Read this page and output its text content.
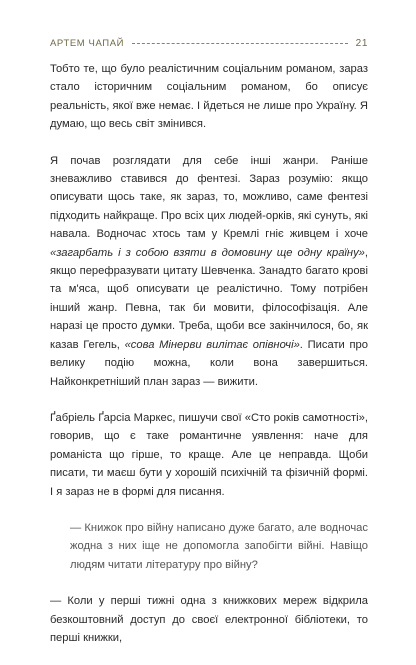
АРТЕМ ЧАПАЙ	21

Тобто те, що було реалістичним соціальним романом, зараз стало історичним соціальним романом, бо описує реальність, якої вже немає. І йдеться не лише про Україну. Я думаю, що весь світ змінився.

Я почав розглядати для себе інші жанри. Раніше зневажливо ставився до фентезі. Зараз розумію: якщо описувати щось таке, як зараз, то, можливо, саме фентезі підходить найкраще. Про всіх цих людей-орків, які сунуть, які навала. Водночас хтось там у Кремлі гніє живцем і хоче «загарбать і з собою взяти в домовину ще одну країну», якщо перефразувати цитату Шевченка. Занадто багато крові та м'яса, щоб описувати це реалістично. Тому потрібен інший жанр. Певна, так би мовити, філософізація. Але наразі це просто думки. Треба, щоби все закінчилося, бо, як казав Гегель, «сова Мінерви вилітає опівночі». Писати про велику подію можна, коли вона завершиться. Найконкретніший план зараз — вижити.

Ґабріель Ґарсіа Маркес, пишучи свої «Сто років самотності», говорив, що є таке романтичне уявлення: наче для романіста що гірше, то краще. Але це неправда. Щоби писати, ти маєш бути у хорошій психічній та фізичній формі. І я зараз не в формі для писання.

— Книжок про війну написано дуже багато, але водночас жодна з них іще не допомогла запобігти війні. Навіщо людям читати літературу про війну?

— Коли у перші тижні одна з книжкових мереж відкрила безкоштовний доступ до своєї електронної бібліотеки, то перші книжки,
